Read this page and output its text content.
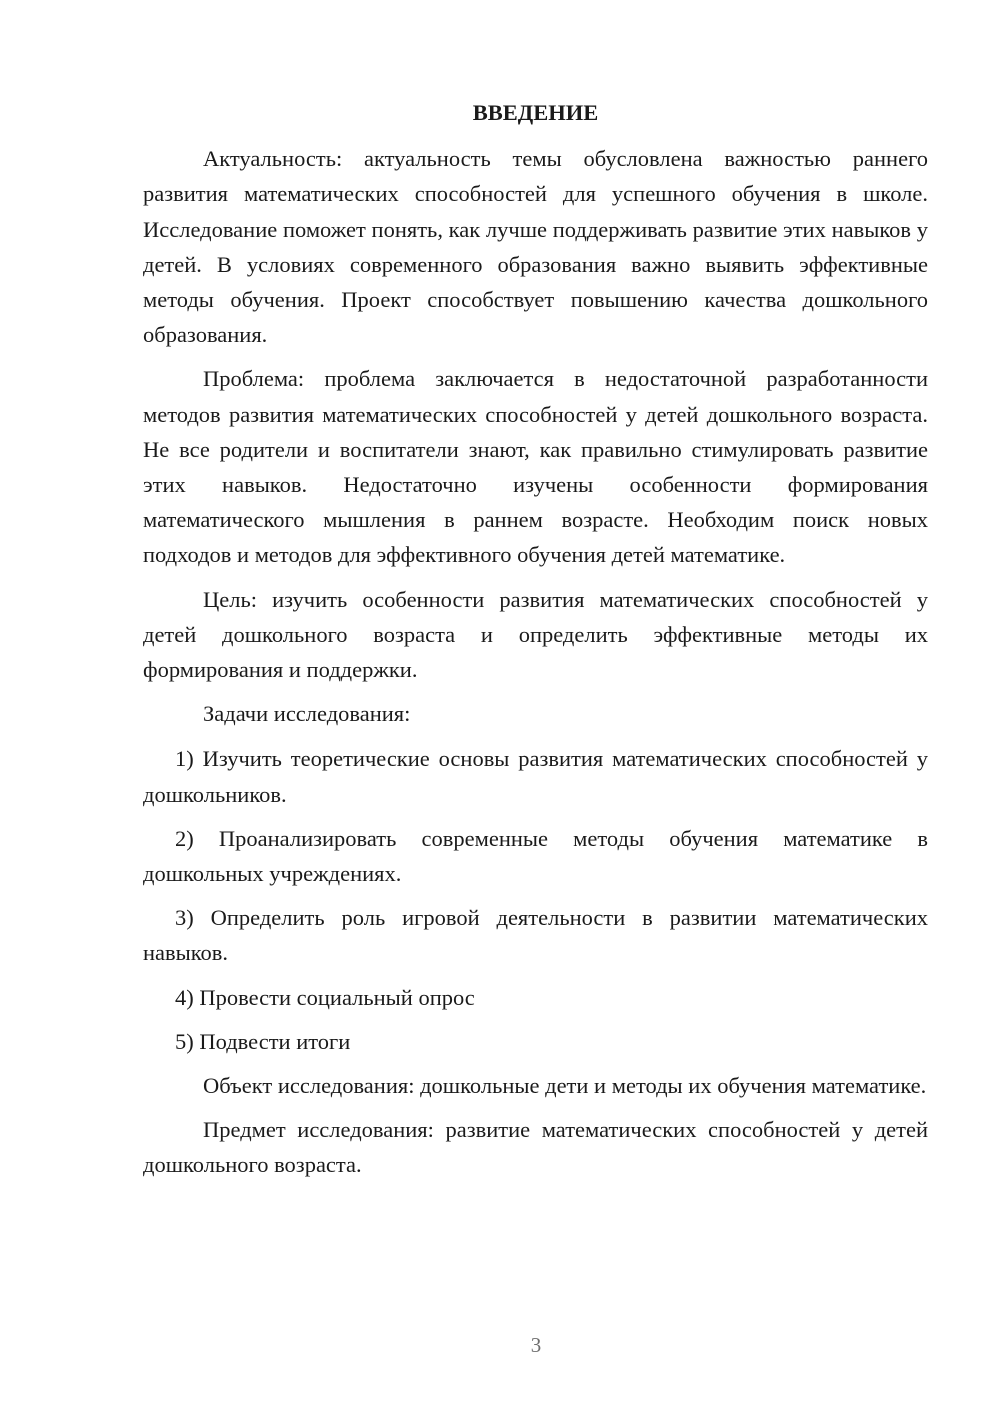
ВВЕДЕНИЕ

Актуальность: актуальность темы обусловлена важностью раннего развития математических способностей для успешного обучения в школе. Исследование поможет понять, как лучше поддерживать развитие этих навыков у детей. В условиях современного образования важно выявить эффективные методы обучения. Проект способствует повышению качества дошкольного образования.

Проблема: проблема заключается в недостаточной разработанности методов развития математических способностей у детей дошкольного возраста. Не все родители и воспитатели знают, как правильно стимулировать развитие этих навыков. Недостаточно изучены особенности формирования математического мышления в раннем возрасте. Необходим поиск новых подходов и методов для эффективного обучения детей математике.

Цель: изучить особенности развития математических способностей у детей дошкольного возраста и определить эффективные методы их формирования и поддержки.

Задачи исследования:

1) Изучить теоретические основы развития математических способностей у дошкольников.

2) Проанализировать современные методы обучения математике в дошкольных учреждениях.

3) Определить роль игровой деятельности в развитии математических навыков.

4) Провести социальный опрос

5) Подвести итоги

Объект исследования: дошкольные дети и методы их обучения математике.

Предмет исследования: развитие математических способностей у детей дошкольного возраста.

3
